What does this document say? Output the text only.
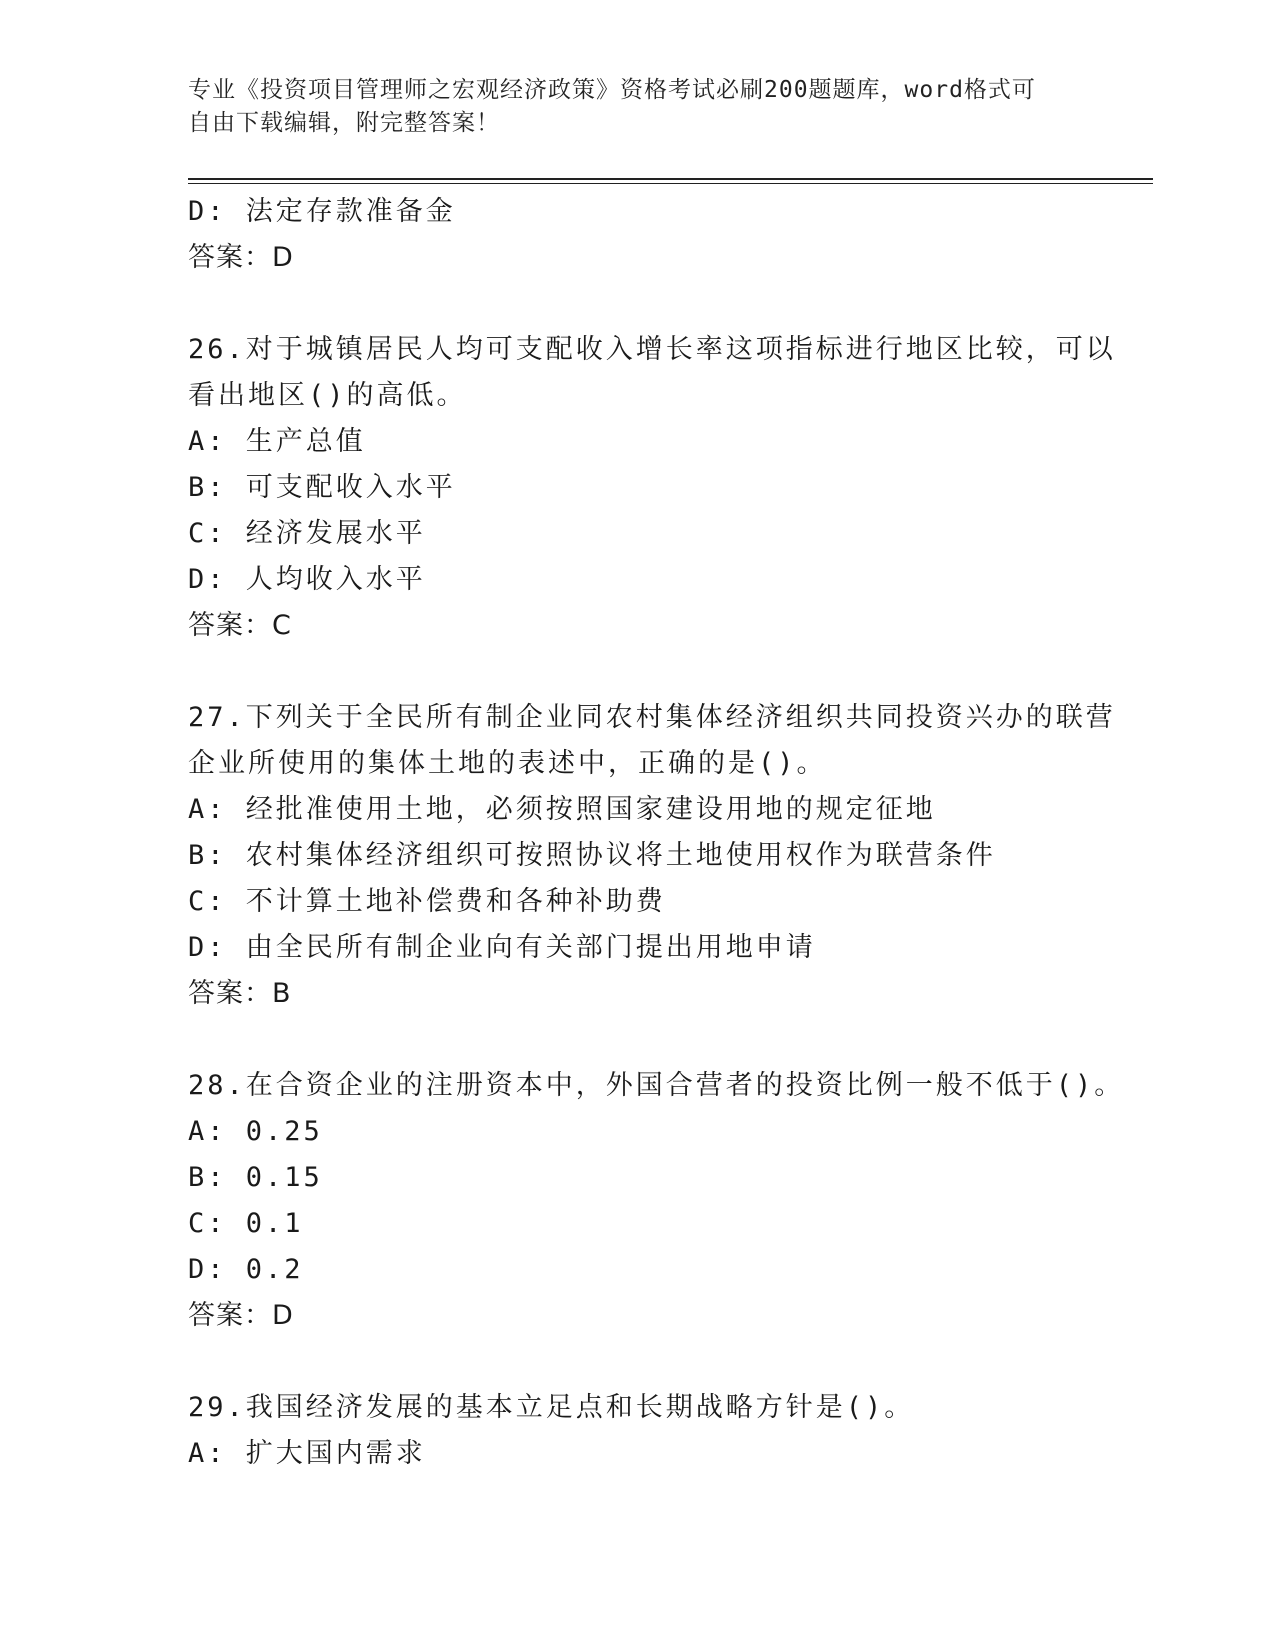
专业《投资项目管理师之宏观经济政策》资格考试必刷200题题库，word格式可
自由下载编辑，附完整答案！
D: 法定存款准备金
答案：D
26.对于城镇居民人均可支配收入增长率这项指标进行地区比较，可以
看出地区()的高低。
A: 生产总值
B: 可支配收入水平
C: 经济发展水平
D: 人均收入水平
答案：C
27.下列关于全民所有制企业同农村集体经济组织共同投资兴办的联营
企业所使用的集体土地的表述中，正确的是()。
A: 经批准使用土地，必须按照国家建设用地的规定征地
B: 农村集体经济组织可按照协议将土地使用权作为联营条件
C: 不计算土地补偿费和各种补助费
D: 由全民所有制企业向有关部门提出用地申请
答案：B
28.在合资企业的注册资本中，外国合营者的投资比例一般不低于()。
A: 0.25
B: 0.15
C: 0.1
D: 0.2
答案：D
29.我国经济发展的基本立足点和长期战略方针是()。
A: 扩大国内需求
